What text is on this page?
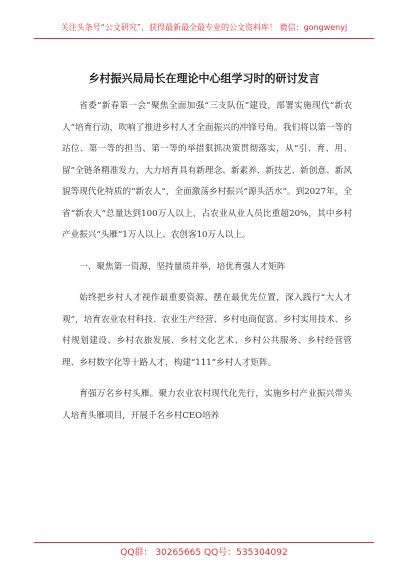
关注头条号“公文研究”，获得最新最全最专业的公文资料库！ 微信：gongwenyj
乡村振兴局局长在理论中心组学习时的研讨发言

省委“新春第一会”聚焦全面加强“三支队伍”建设，部署实施现代“新农人”培育行动，吹响了推进乡村人才全面振兴的冲锋号角。我们将以第一等的站位、第一等的担当、第一等的举措狠抓决策贯彻落实，从“引、育、用、留”全链条精准发力，大力培育具有新理念、新素养、新技艺、新创意、新风貌等现代化特质的“新农人”，全面激荡乡村振兴“源头活水”。到2027年，全省“新农人”总量达到100万人以上，占农业从业人员比重超20%，其中乡村产业振兴“头雁”1万人以上、农创客10万人以上。

一、聚焦第一资源，坚持量质并举，培优育强人才矩阵

始终把乡村人才视作最重要资源、摆在最优先位置，深入践行“大人才观”，培育农业农村科技、农业生产经营、乡村电商促富、乡村实用技术、乡村规划建设、乡村农旅发展、乡村文化艺术、乡村公共服务、乡村经营管理、乡村数字化等十路人才，构建“111”乡村人才矩阵。

育强万名乡村头雁。聚力农业农村现代化先行，实施乡村产业振兴带头人培育头雁项目，开展千名乡村CEO培养

QQ群： 30265665 QQ号：535304092
